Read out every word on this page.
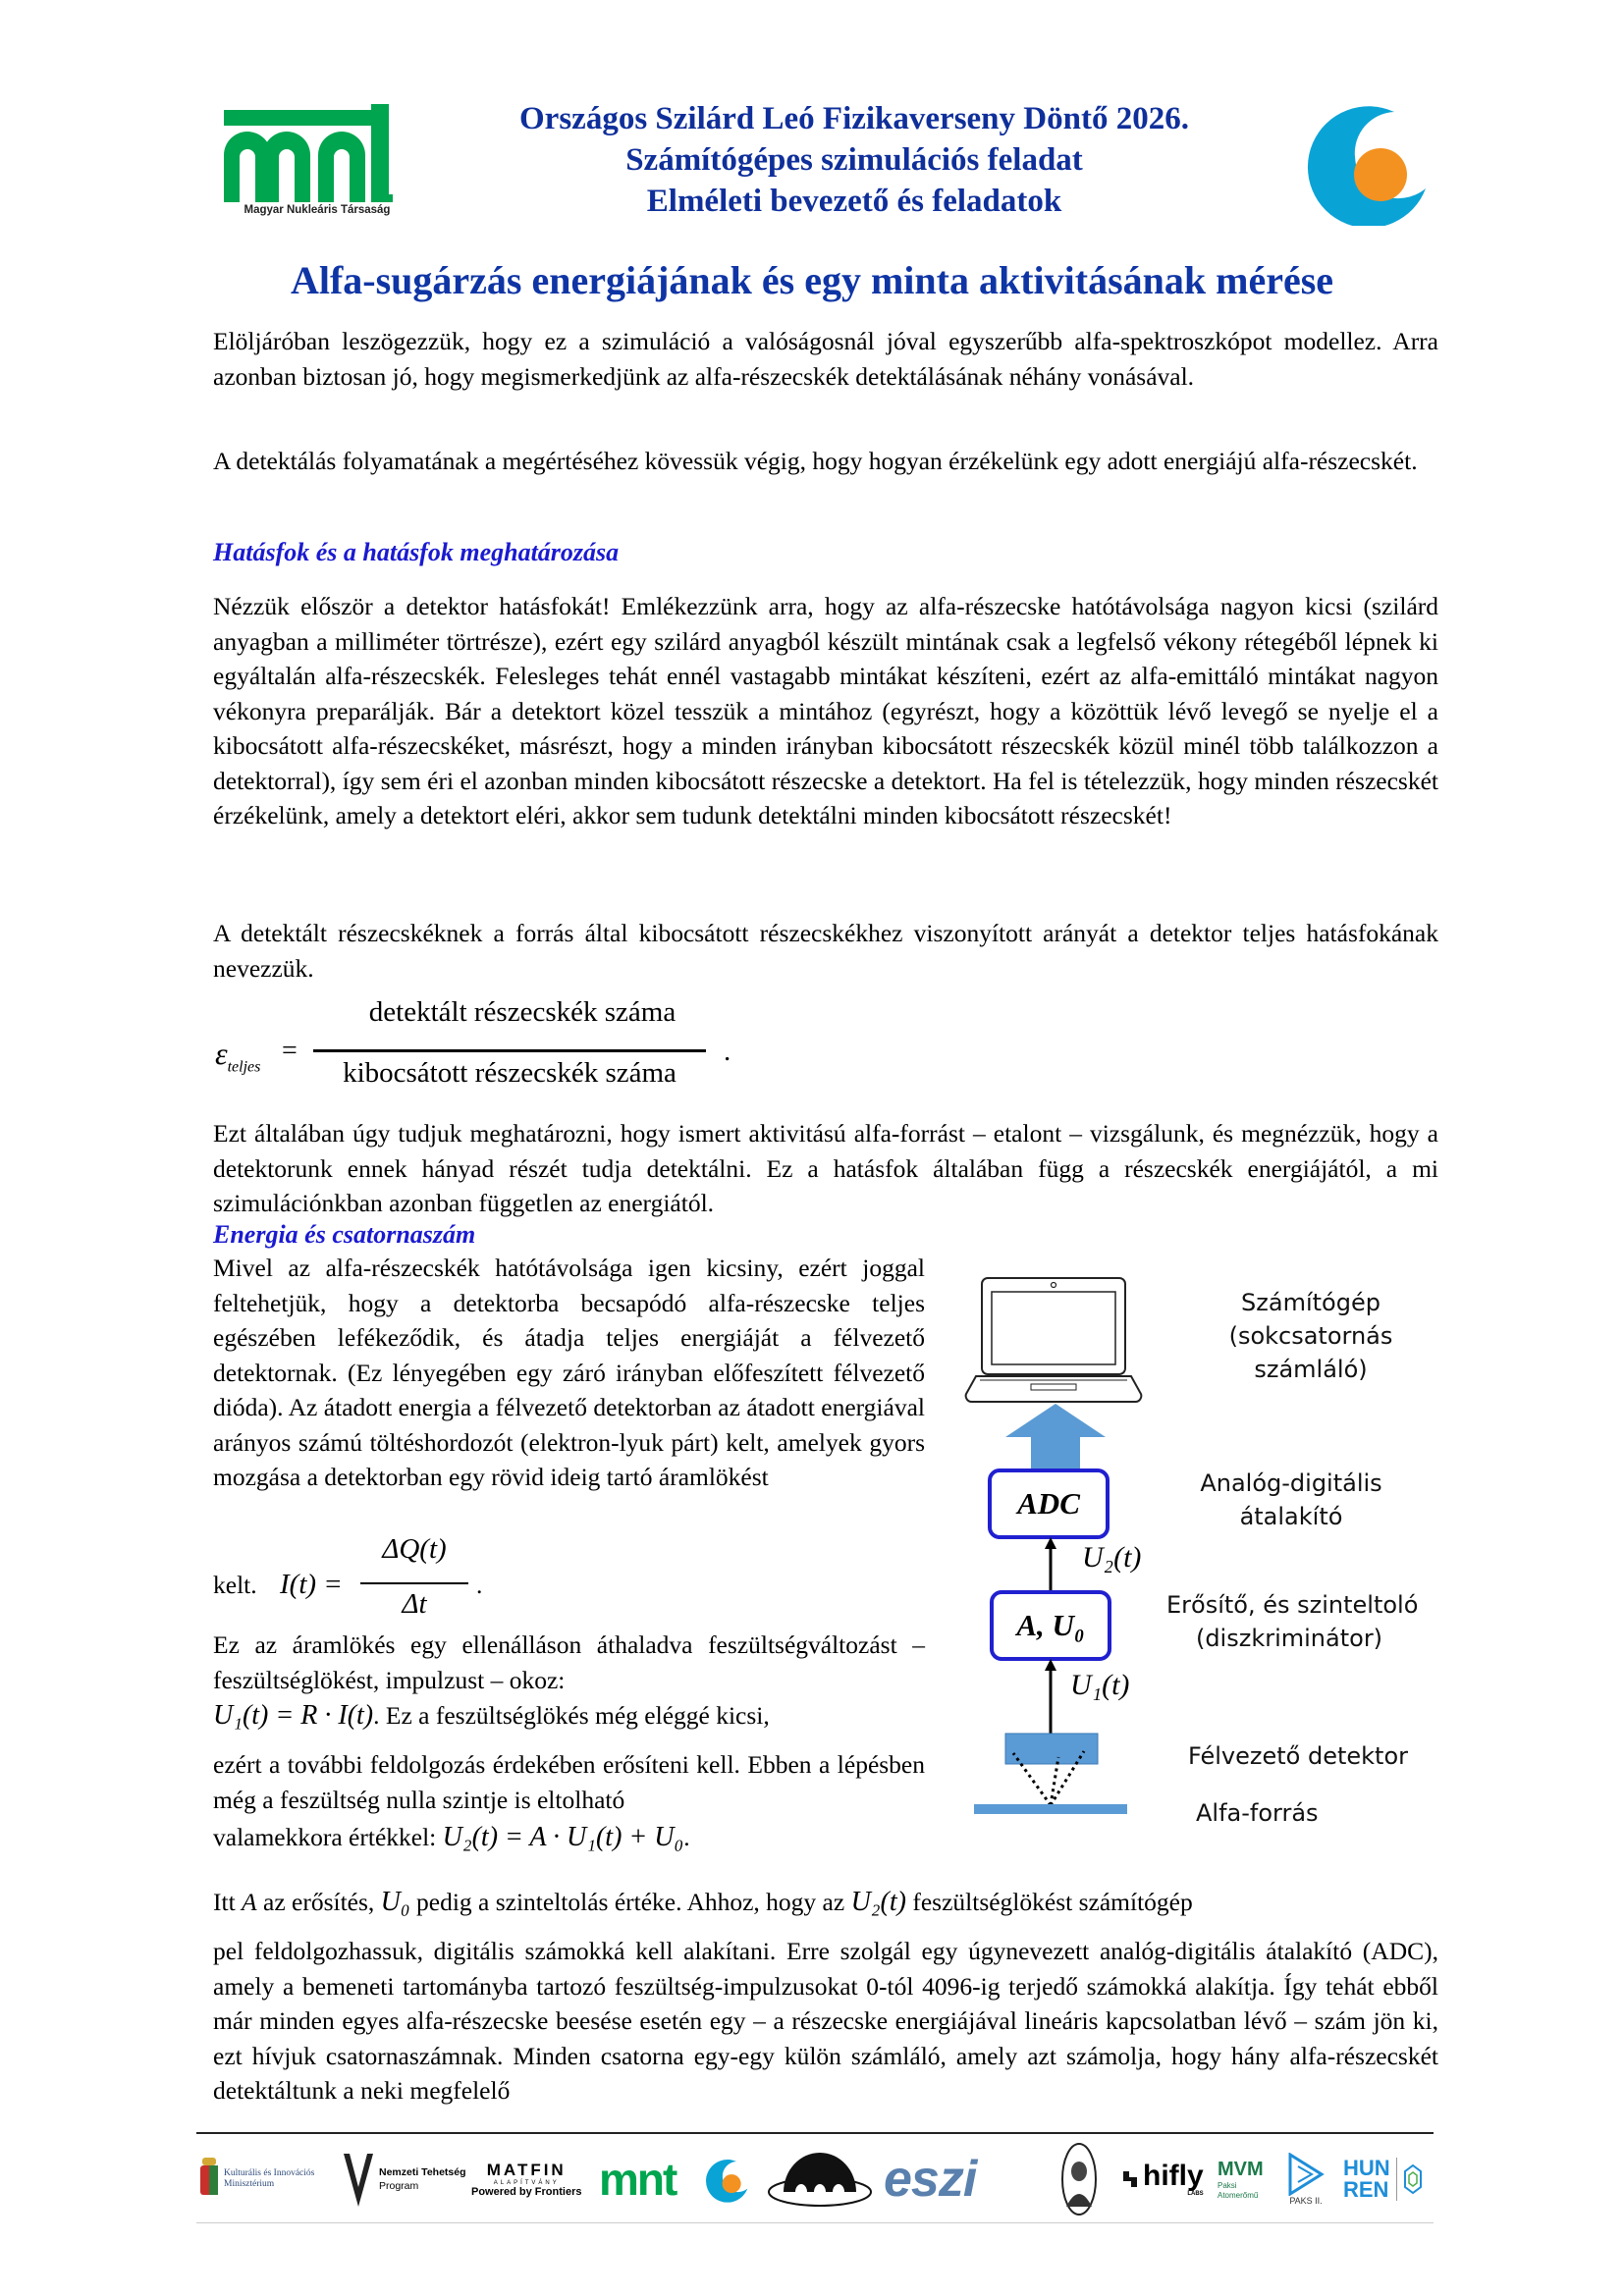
Magyar Nukleáris Társaság
Országos Szilárd Leó Fizikaverseny Döntő 2026.
Számítógépes szimulációs feladat
Elméleti bevezető és feladatok
Alfa-sugárzás energiájának és egy minta aktivitásának mérése
Elöljáróban leszögezzük, hogy ez a szimuláció a valóságosnál jóval egyszerűbb alfa-spektroszkópot modellez. Arra azonban biztosan jó, hogy megismerkedjünk az alfa-részecskék detektálásának néhány vonásával.
A detektálás folyamatának a megértéséhez kövessük végig, hogy hogyan érzékelünk egy adott energiájú alfa-részecskét.
Hatásfok és a hatásfok meghatározása
Nézzük először a detektor hatásfokát! Emlékezzünk arra, hogy az alfa-részecske hatótávolsága nagyon kicsi (szilárd anyagban a milliméter törtrésze), ezért egy szilárd anyagból készült mintának csak a legfelső vékony rétegéből lépnek ki egyáltalán alfa-részecskék. Felesleges tehát ennél vastagabb mintákat készíteni, ezért az alfa-emittáló mintákat nagyon vékonyra preparálják. Bár a detektort közel tesszük a mintához (egyrészt, hogy a közöttük lévő levegő se nyelje el a kibocsátott alfa-részecskéket, másrészt, hogy a minden irányban kibocsátott részecskék közül minél több találkozzon a detektorral), így sem éri el azonban minden kibocsátott részecske a detektort. Ha fel is tételezzük, hogy minden részecskét érzékelünk, amely a detektort eléri, akkor sem tudunk detektálni minden kibocsátott részecskét!
A detektált részecskéknek a forrás által kibocsátott részecskékhez viszonyított arányát a detektor teljes hatásfokának nevezzük.
$\varepsilon_{teljes}$
=
detektált részecskék száma
kibocsátott részecskék száma
.
Ezt általában úgy tudjuk meghatározni, hogy ismert aktivitású alfa-forrást – etalont – vizsgálunk, és megnézzük, hogy a detektorunk ennek hányad részét tudja detektálni. Ez a hatásfok általában függ a részecskék energiájától, a mi szimulációnkban azonban független az energiától.
Energia és csatornaszám
Mivel az alfa-részecskék hatótávolsága igen kicsiny, ezért joggal feltehetjük, hogy a detektorba becsapódó alfa-részecske teljes egészében lefékeződik, és átadja teljes energiáját a félvezető detektornak. (Ez lényegében egy záró irányban előfeszített félvezető dióda). Az átadott energia a félvezető detektorban az átadott energiával arányos számú töltéshordozót (elektron-lyuk párt) kelt, amelyek gyors mozgása a detektorban egy rövid ideig tartó áramlökést
kelt. I(t) =
ΔQ(t)
Δt
.
Ez az áramlökés egy ellenálláson áthaladva feszültségváltozást – feszültséglökést, impulzust – okoz:
U₁(t) = R · I(t). Ez a feszültséglökés még eléggé kicsi,
ezért a további feldolgozás érdekében erősíteni kell. Ebben a lépésben még a feszültség nulla szintje is eltolható
valamekkora értékkel: U₂(t) = A · U₁(t) + U₀.
Itt A az erősítés, U₀ pedig a szinteltolás értéke. Ahhoz, hogy az U₂(t) feszültséglökést számítógép
pel feldolgozhassuk, digitális számokká kell alakítani. Erre szolgál egy úgynevezett analóg-digitális átalakító (ADC), amely a bemeneti tartományba tartozó feszültség-impulzusokat 0-tól 4096-ig terjedő számokká alakítja. Így tehát ebből már minden egyes alfa-részecske beesése esetén egy – a részecske energiájával lineáris kapcsolatban lévő – szám jön ki, ezt hívjuk csatornaszámnak. Minden csatorna egy-egy külön számláló, amely azt számolja, hogy hány alfa-részecskét detektáltunk a neki megfelelő
Számítógép
(sokcsatornás
számláló)
ADC
Analóg-digitális
átalakító
U₂(t)
A, U₀
Erősítő, és szinteltoló
(diszkriminátor)
U₁(t)
Félvezető detektor
Alfa-forrás
Kulturális és Innovációs
Minisztérium
Nemzeti Tehetség
Program
MATFIN
ALAPÍTVÁNY
Powered by Frontiers mnt	eszi	hifly
LABS
MVM
Paksi
Atomerőmű
PAKS II.
HUN
REN
